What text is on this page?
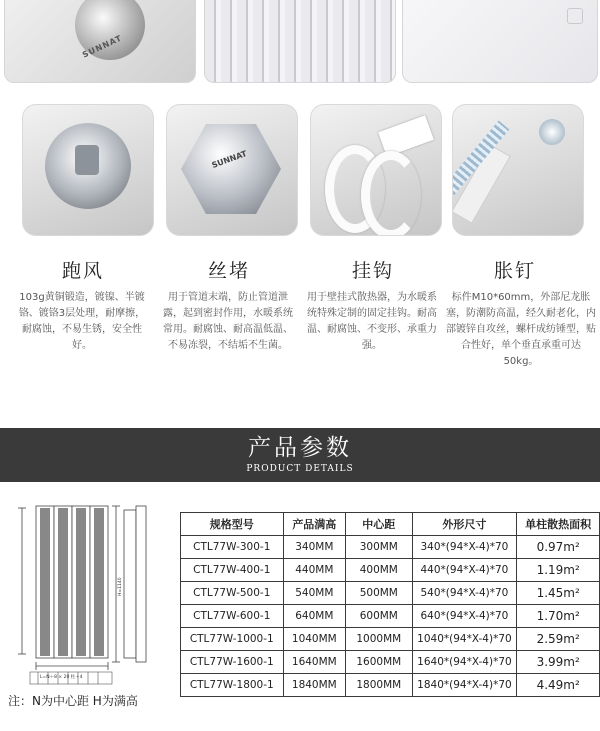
SUNNAT
SUNNAT
跑风	丝堵	挂钩	胀钉
103g黄铜锻造，镀镍、半镀铬、镀铬3层处理，耐摩擦，耐腐蚀，不易生锈，安全性好。
用于管道末端，防止管道泄露，起到密封作用，水暖系统常用。耐腐蚀、耐高温低温、不易冻裂，不结垢不生菌。
用于壁挂式散热器，为水暖系统特殊定制的固定挂钩。耐高温、耐腐蚀、不变形、承重力强。
标件M10*60mm，外部尼龙胀塞，防潮防高温，经久耐老化，内部镀锌自攻丝，螺杆成纺锤型，贴合性好，单个垂直承重可达50kg。
产品参数
PRODUCT DETAILS
L=N＋8 × 20 柱＋4
H=1140
注：N为中心距 H为满高
规格型号	产品满高	中心距	外形尺寸	单柱散热面积
CTL77W-300-1	340MM	300MM	340*(94*X-4)*70	0.97m²
CTL77W-400-1	440MM	400MM	440*(94*X-4)*70	1.19m²
CTL77W-500-1	540MM	500MM	540*(94*X-4)*70	1.45m²
CTL77W-600-1	640MM	600MM	640*(94*X-4)*70	1.70m²
CTL77W-1000-1	1040MM	1000MM	1040*(94*X-4)*70	2.59m²
CTL77W-1600-1	1640MM	1600MM	1640*(94*X-4)*70	3.99m²
CTL77W-1800-1	1840MM	1800MM	1840*(94*X-4)*70	4.49m²
